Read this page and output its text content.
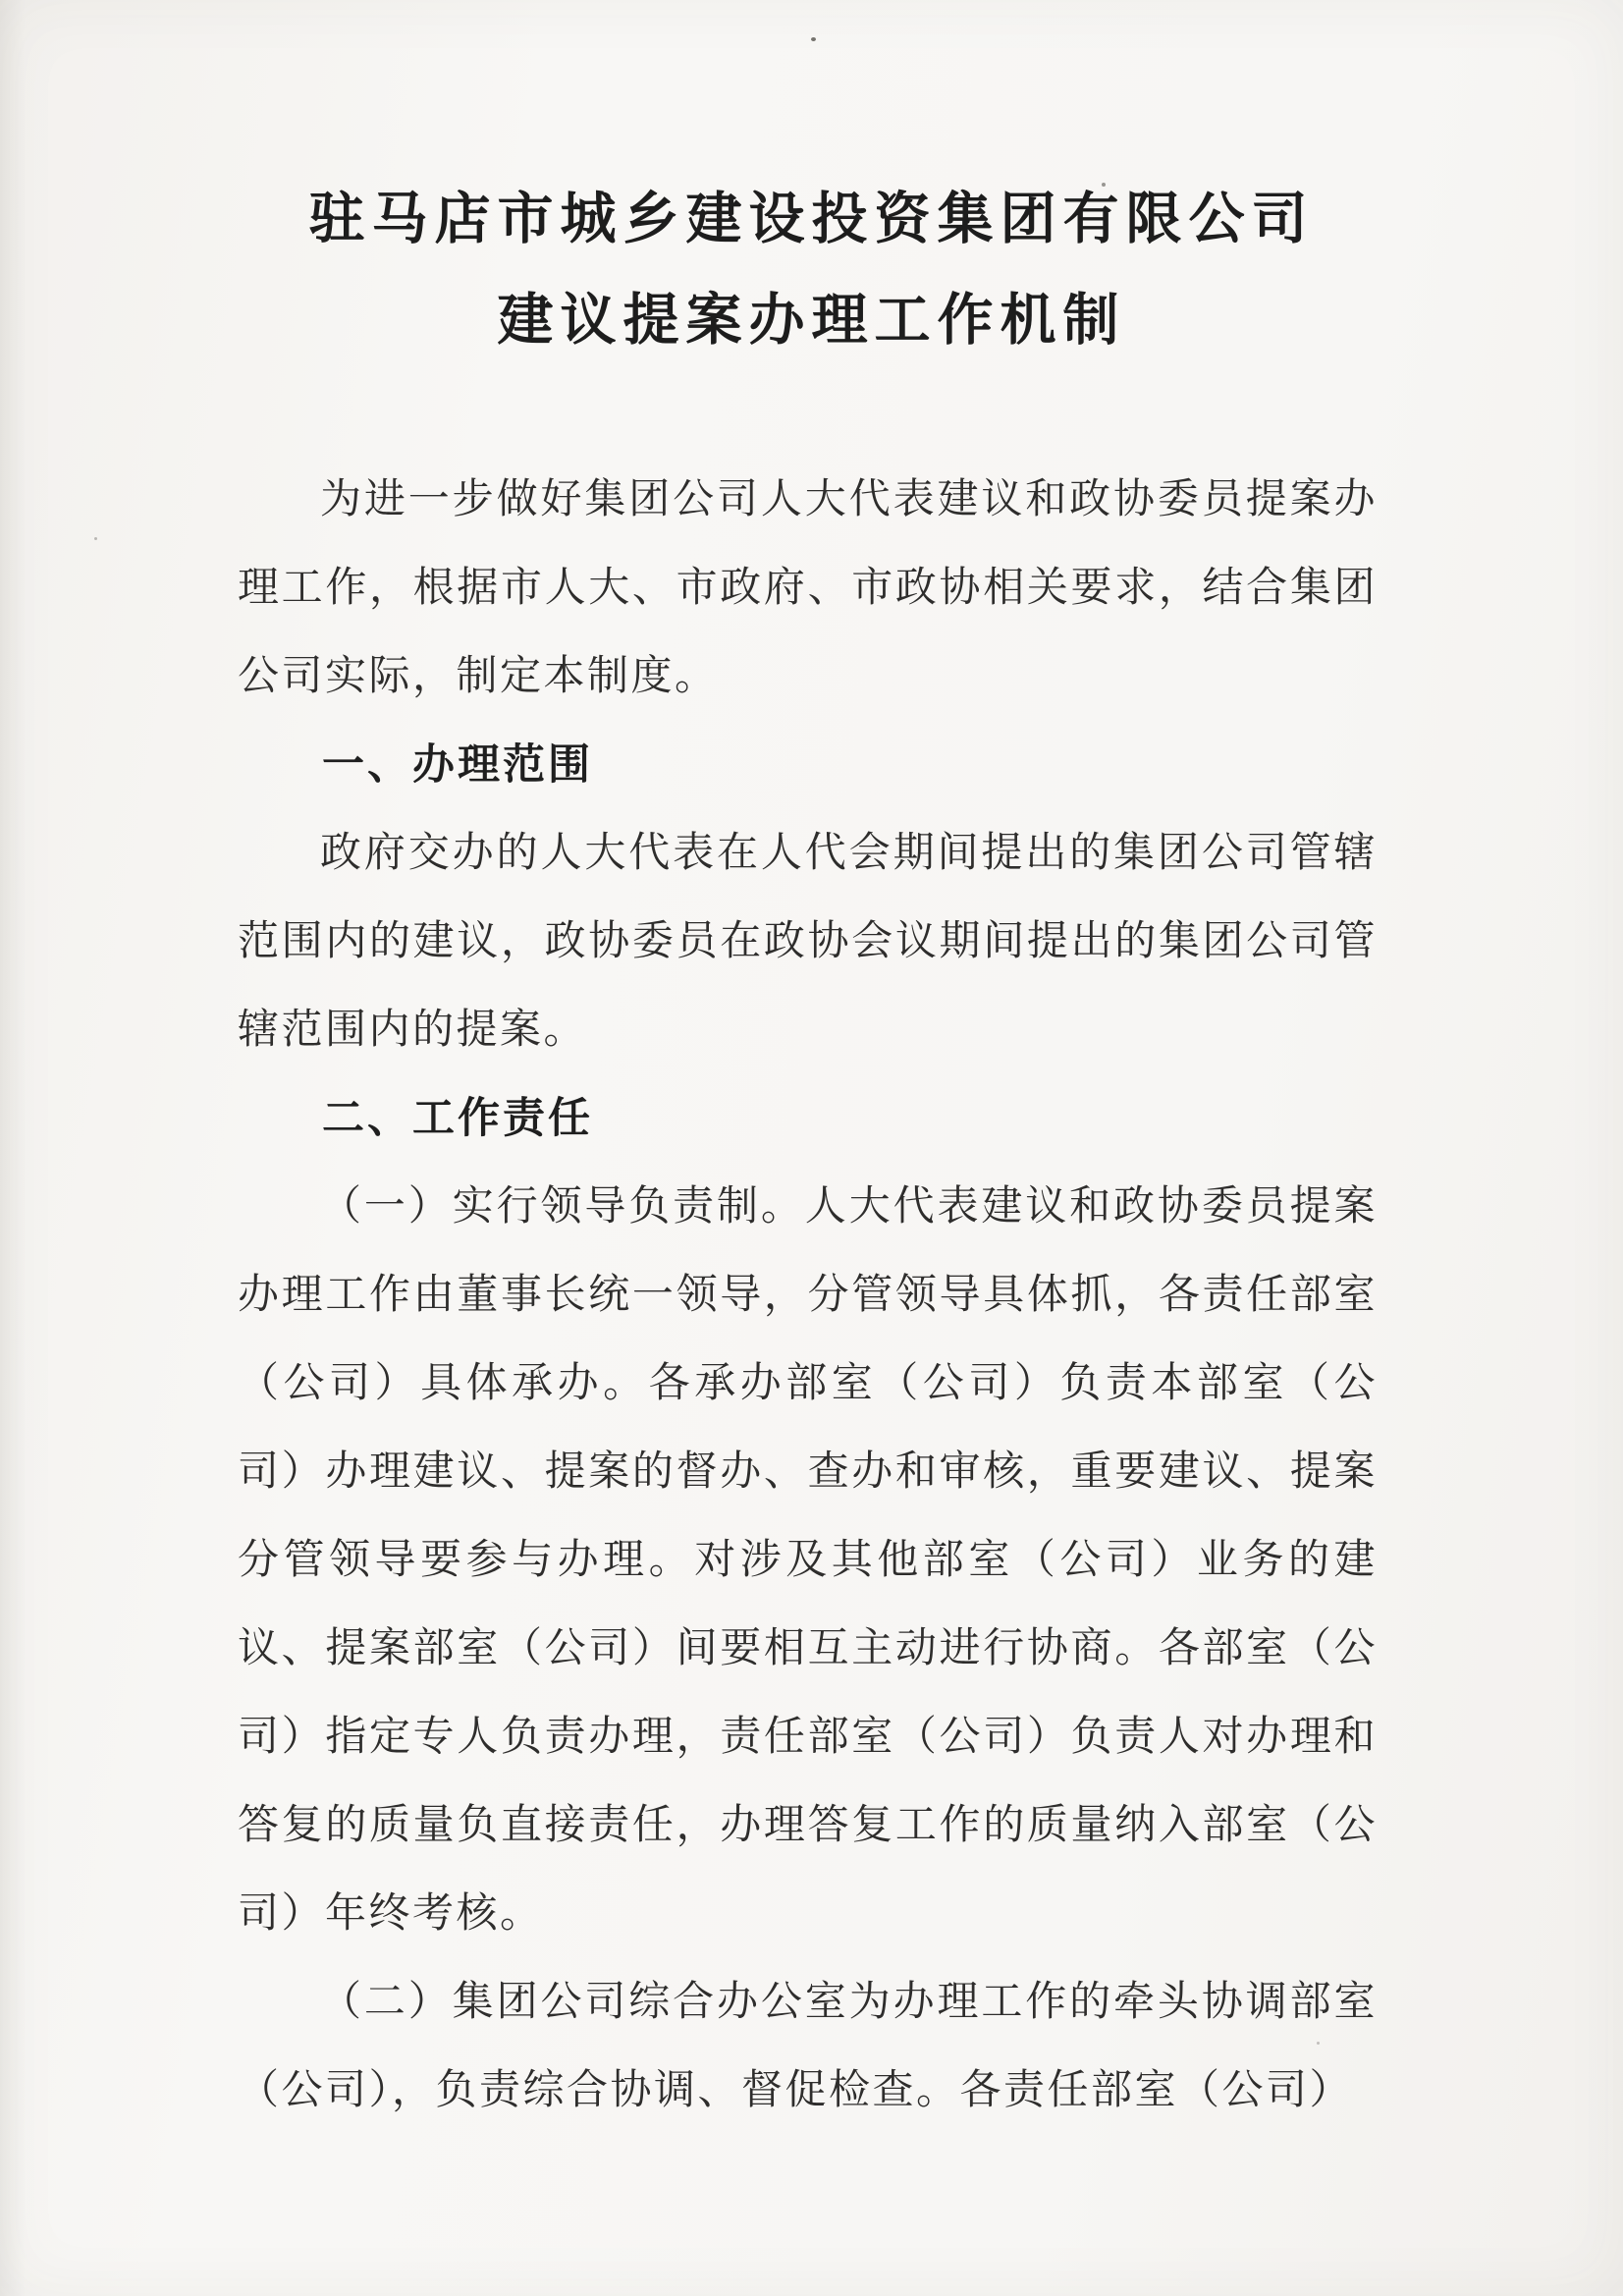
驻马店市城乡建设投资集团有限公司
建议提案办理工作机制

为进一步做好集团公司人大代表建议和政协委员提案办理工作，根据市人大、市政府、市政协相关要求，结合集团公司实际，制定本制度。

一、办理范围

政府交办的人大代表在人代会期间提出的集团公司管辖范围内的建议，政协委员在政协会议期间提出的集团公司管辖范围内的提案。

二、工作责任

（一）实行领导负责制。人大代表建议和政协委员提案办理工作由董事长统一领导，分管领导具体抓，各责任部室（公司）具体承办。各承办部室（公司）负责本部室（公司）办理建议、提案的督办、查办和审核，重要建议、提案分管领导要参与办理。对涉及其他部室（公司）业务的建议、提案部室（公司）间要相互主动进行协商。各部室（公司）指定专人负责办理，责任部室（公司）负责人对办理和答复的质量负直接责任，办理答复工作的质量纳入部室（公司）年终考核。

（二）集团公司综合办公室为办理工作的牵头协调部室（公司），负责综合协调、督促检查。各责任部室（公司）
